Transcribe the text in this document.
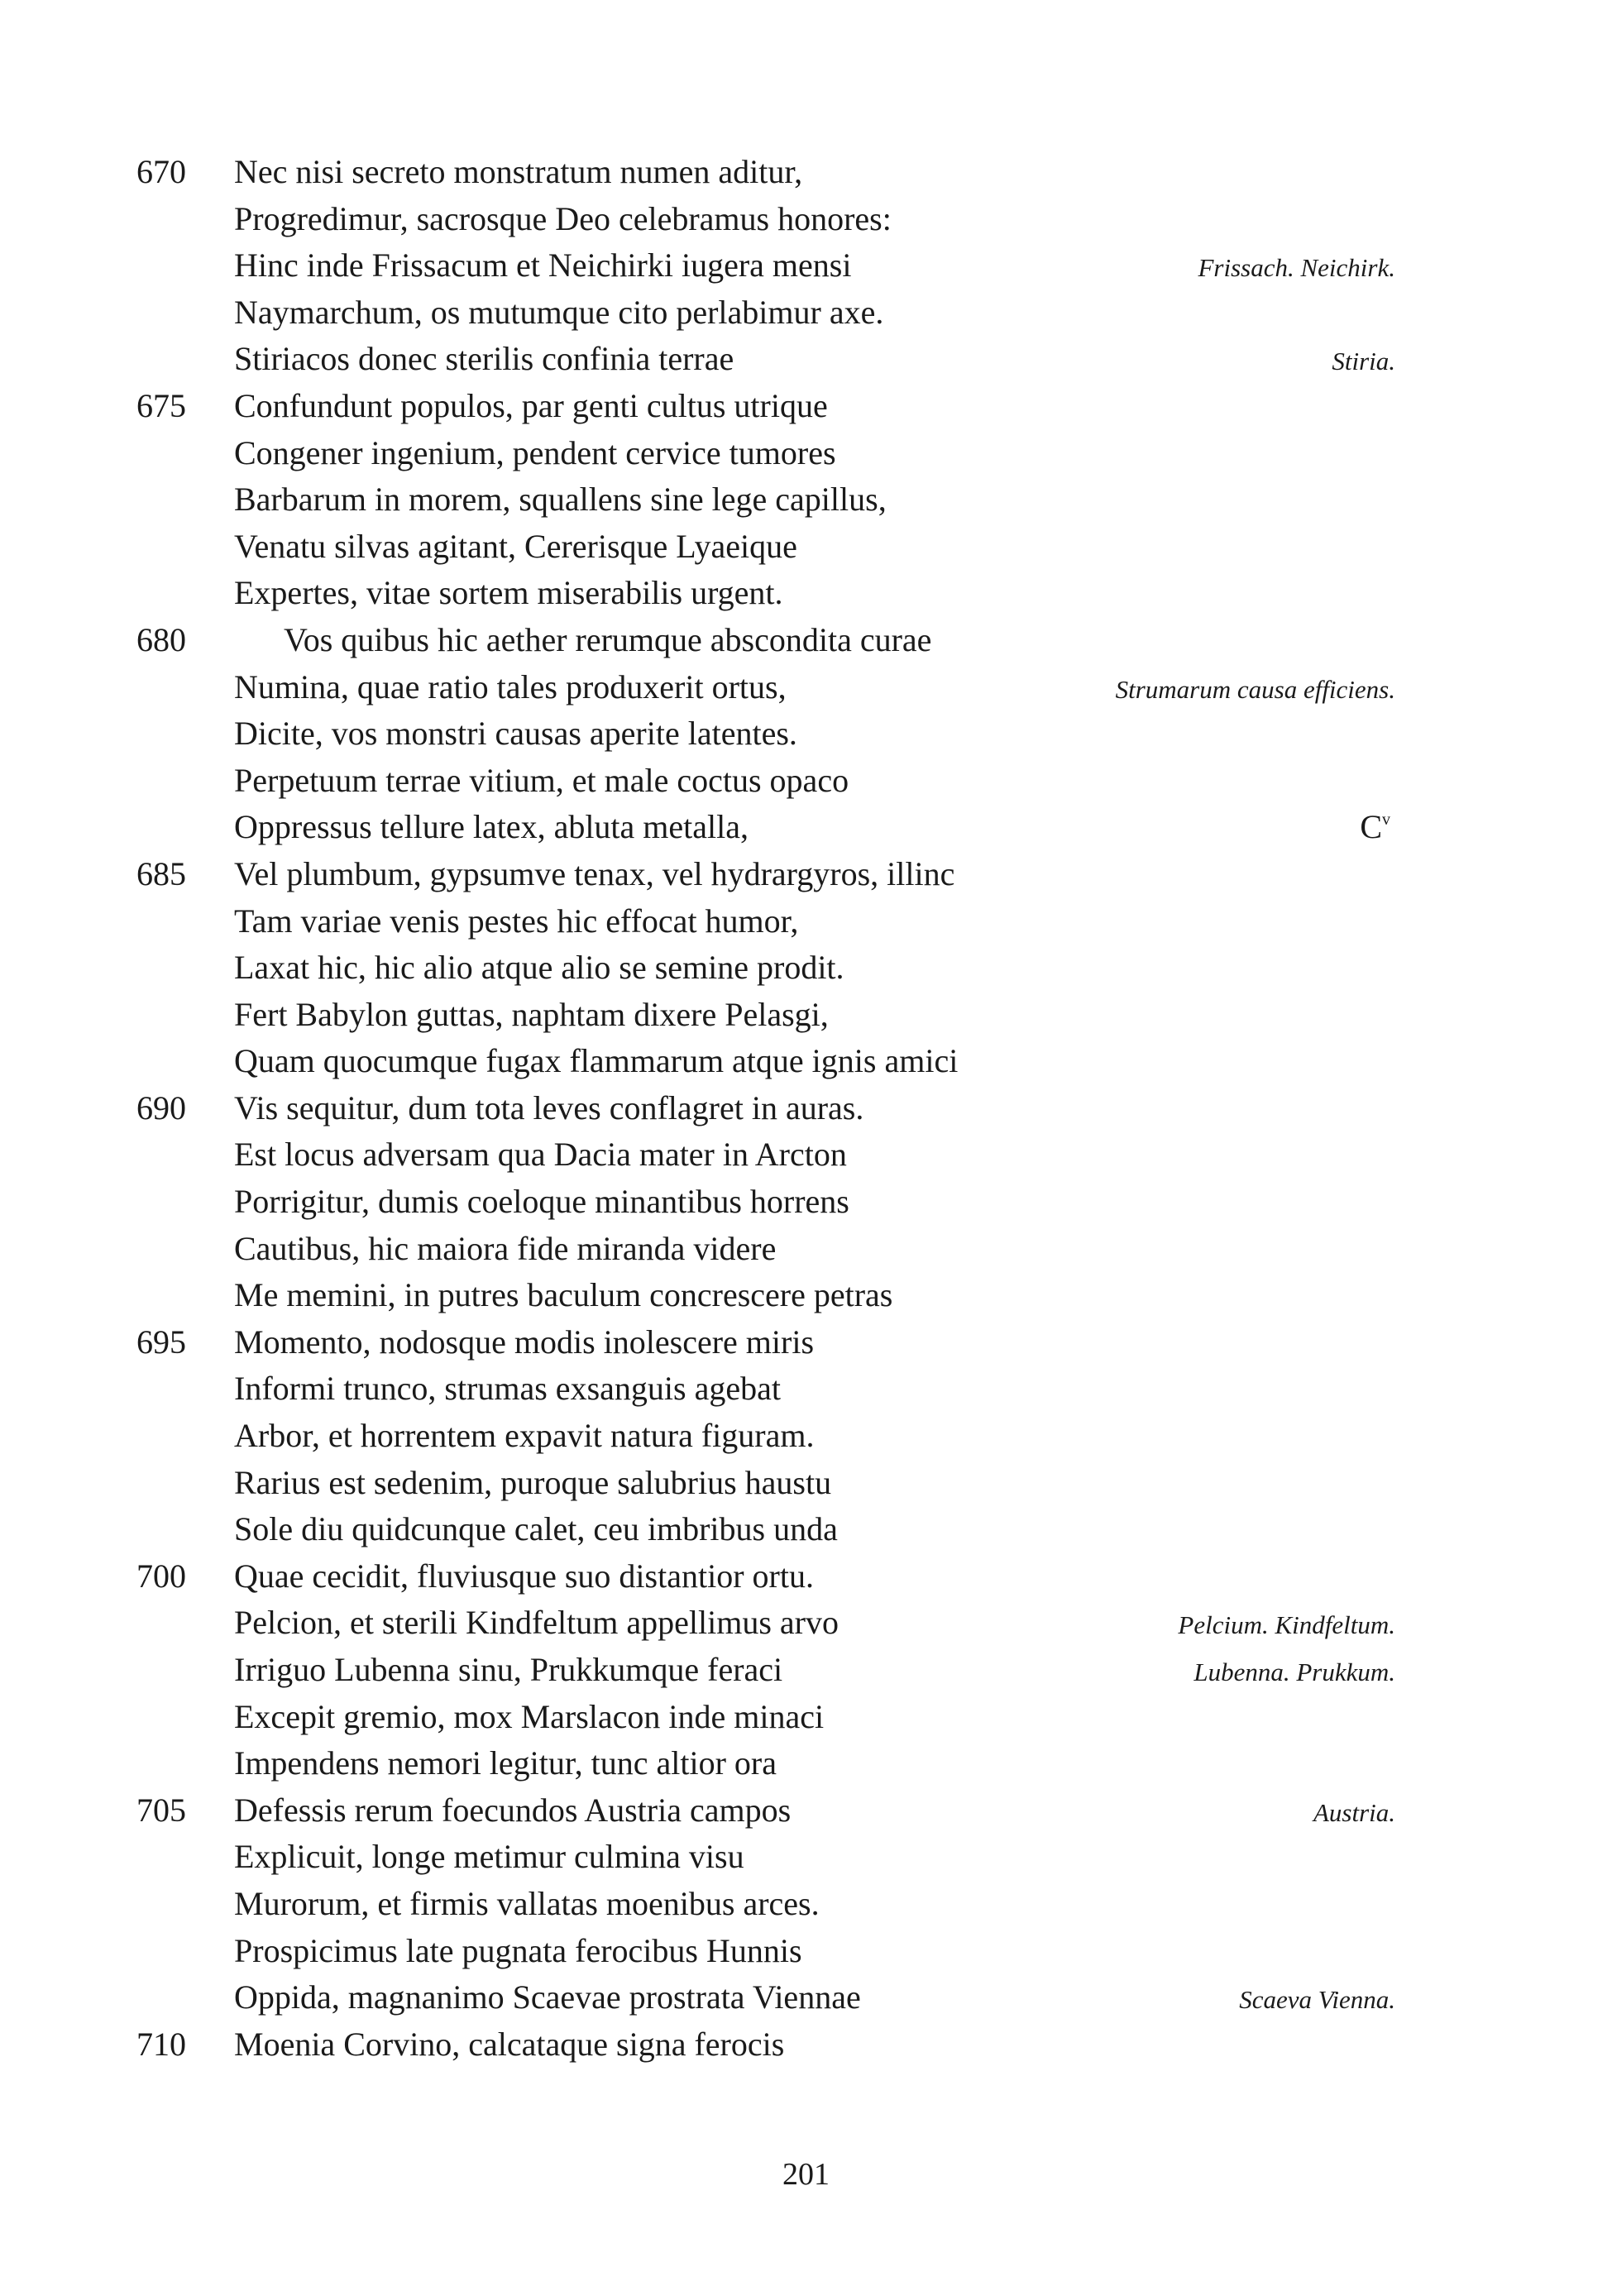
670 Nec nisi secreto monstratum numen aditur,
Progredimur, sacrosque Deo celebramus honores:
Hinc inde Frissacum et Neichirki iugera mensi	Frissach. Neichirk.
Naymarchum, os mutumque cito perlabimur axe.
Stiriacos donec sterilis confinia terrae	Stiria.
675 Confundunt populos, par genti cultus utrique
Congener ingenium, pendent cervice tumores
Barbarum in morem, squallens sine lege capillus,
Venatu silvas agitant, Cererisque Lyaeique
Expertes, vitae sortem miserabilis urgent.
680	Vos quibus hic aether rerumque abscondita curae
Numina, quae ratio tales produxerit ortus,	Strumarum causa efficiens.
Dicite, vos monstri causas aperite latentes.
Perpetuum terrae vitium, et male coctus opaco
Oppressus tellure latex, abluta metalla,	$C^v$
685 Vel plumbum, gypsumve tenax, vel hydrargyros, illinc
Tam variae venis pestes hic effocat humor,
Laxat hic, hic alio atque alio se semine prodit.
Fert Babylon guttas, naphtam dixere Pelasgi,
Quam quocumque fugax flammarum atque ignis amici
690 Vis sequitur, dum tota leves conflagret in auras.
Est locus adversam qua Dacia mater in Arcton
Porrigitur, dumis coeloque minantibus horrens
Cautibus, hic maiora fide miranda videre
Me memini, in putres baculum concrescere petras
695 Momento, nodosque modis inolescere miris
Informi trunco, strumas exsanguis agebat
Arbor, et horrentem expavit natura figuram.
Rarius est sedenim, puroque salubrius haustu
Sole diu quidcunque calet, ceu imbribus unda
700 Quae cecidit, fluviusque suo distantior ortu.
Pelcion, et sterili Kindfeltum appellimus arvo	Pelcium. Kindfeltum.
Irriguo Lubenna sinu, Prukkumque feraci	Lubenna. Prukkum.
Excepit gremio, mox Marslacon inde minaci
Impendens nemori legitur, tunc altior ora
705 Defessis rerum foecundos Austria campos	Austria.
Explicuit, longe metimur culmina visu
Murorum, et firmis vallatas moenibus arces.
Prospicimus late pugnata ferocibus Hunnis
Oppida, magnanimo Scaevae prostrata Viennae	Scaeva Vienna.
710 Moenia Corvino, calcataque signa ferocis
201
